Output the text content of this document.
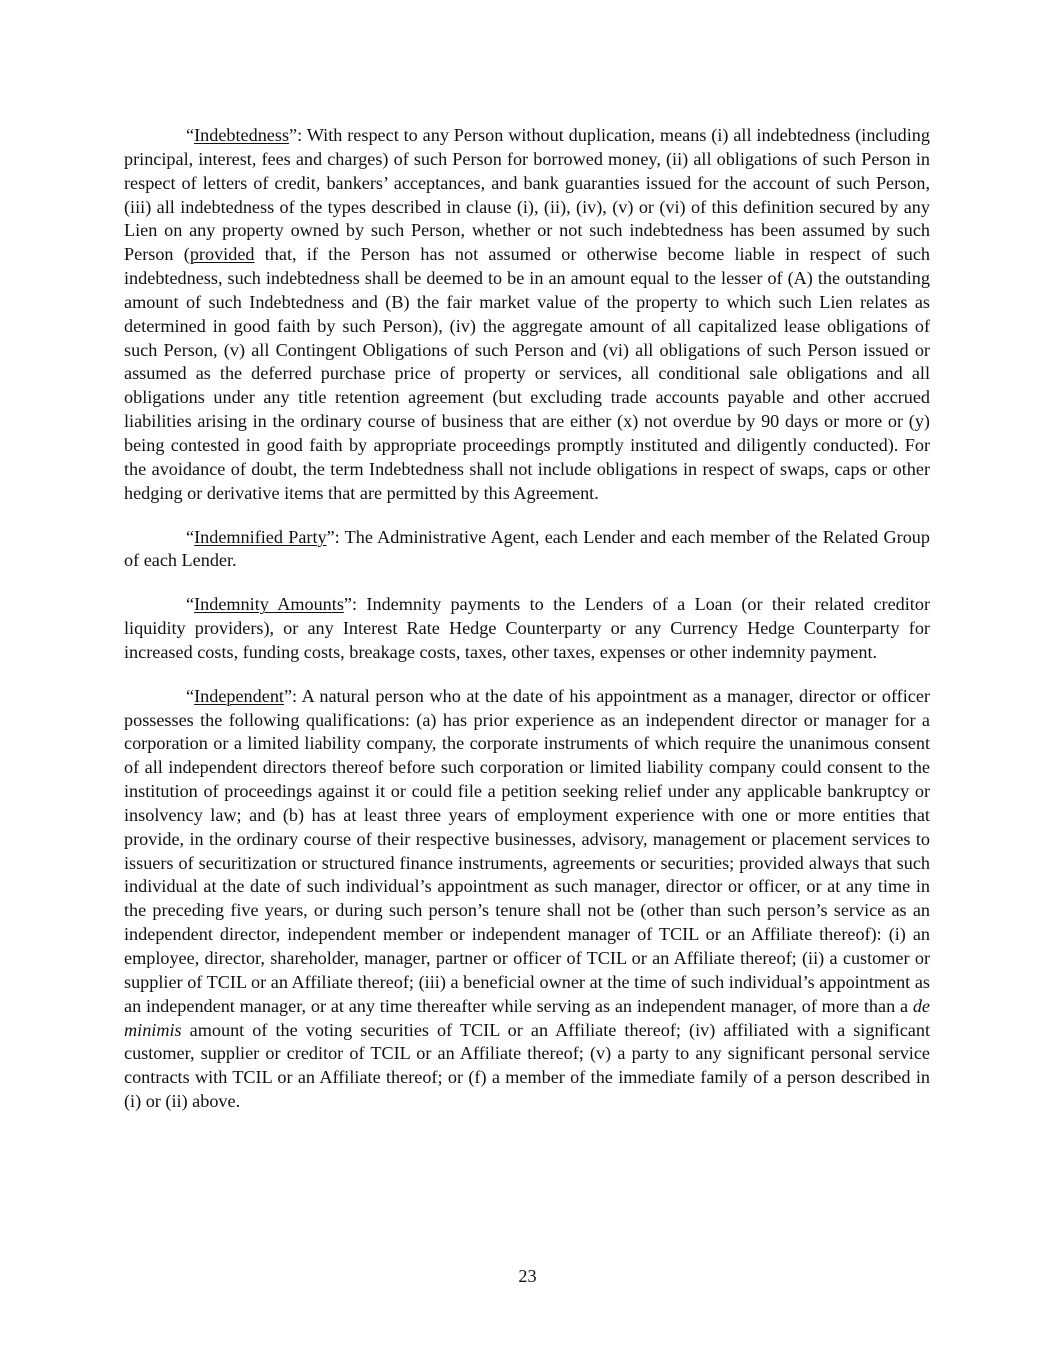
“Indebtedness”: With respect to any Person without duplication, means (i) all indebtedness (including principal, interest, fees and charges) of such Person for borrowed money, (ii) all obligations of such Person in respect of letters of credit, bankers’ acceptances, and bank guaranties issued for the account of such Person, (iii) all indebtedness of the types described in clause (i), (ii), (iv), (v) or (vi) of this definition secured by any Lien on any property owned by such Person, whether or not such indebtedness has been assumed by such Person (provided that, if the Person has not assumed or otherwise become liable in respect of such indebtedness, such indebtedness shall be deemed to be in an amount equal to the lesser of (A) the outstanding amount of such Indebtedness and (B) the fair market value of the property to which such Lien relates as determined in good faith by such Person), (iv) the aggregate amount of all capitalized lease obligations of such Person, (v) all Contingent Obligations of such Person and (vi) all obligations of such Person issued or assumed as the deferred purchase price of property or services, all conditional sale obligations and all obligations under any title retention agreement (but excluding trade accounts payable and other accrued liabilities arising in the ordinary course of business that are either (x) not overdue by 90 days or more or (y) being contested in good faith by appropriate proceedings promptly instituted and diligently conducted). For the avoidance of doubt, the term Indebtedness shall not include obligations in respect of swaps, caps or other hedging or derivative items that are permitted by this Agreement.

“Indemnified Party”: The Administrative Agent, each Lender and each member of the Related Group of each Lender.

“Indemnity Amounts”: Indemnity payments to the Lenders of a Loan (or their related creditor liquidity providers), or any Interest Rate Hedge Counterparty or any Currency Hedge Counterparty for increased costs, funding costs, breakage costs, taxes, other taxes, expenses or other indemnity payment.

“Independent”: A natural person who at the date of his appointment as a manager, director or officer possesses the following qualifications: (a) has prior experience as an independent director or manager for a corporation or a limited liability company, the corporate instruments of which require the unanimous consent of all independent directors thereof before such corporation or limited liability company could consent to the institution of proceedings against it or could file a petition seeking relief under any applicable bankruptcy or insolvency law; and (b) has at least three years of employment experience with one or more entities that provide, in the ordinary course of their respective businesses, advisory, management or placement services to issuers of securitization or structured finance instruments, agreements or securities; provided always that such individual at the date of such individual’s appointment as such manager, director or officer, or at any time in the preceding five years, or during such person’s tenure shall not be (other than such person’s service as an independent director, independent member or independent manager of TCIL or an Affiliate thereof): (i) an employee, director, shareholder, manager, partner or officer of TCIL or an Affiliate thereof; (ii) a customer or supplier of TCIL or an Affiliate thereof; (iii) a beneficial owner at the time of such individual’s appointment as an independent manager, or at any time thereafter while serving as an independent manager, of more than a de minimis amount of the voting securities of TCIL or an Affiliate thereof; (iv) affiliated with a significant customer, supplier or creditor of TCIL or an Affiliate thereof; (v) a party to any significant personal service contracts with TCIL or an Affiliate thereof; or (f) a member of the immediate family of a person described in (i) or (ii) above.

23
